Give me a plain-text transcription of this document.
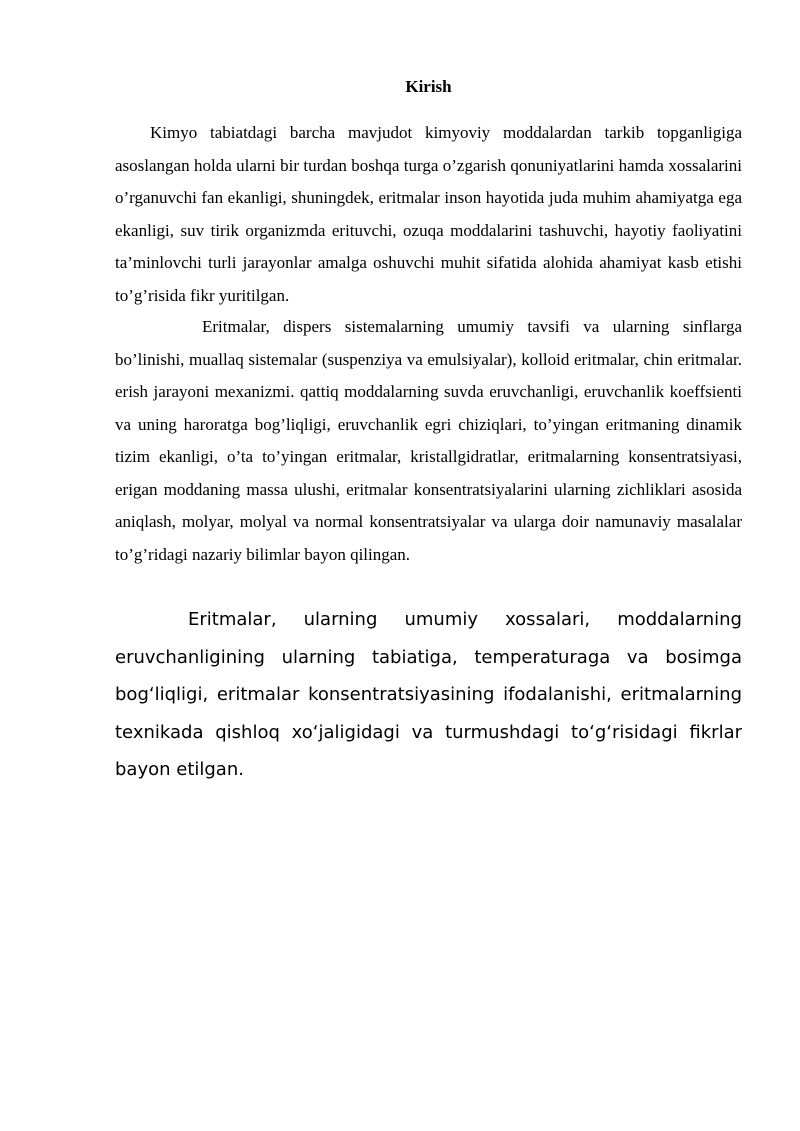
Kirish

Kimyo tabiatdagi barcha mavjudot kimyoviy moddalardan tarkib topganligiga asoslangan holda ularni bir turdan boshqa turga o’zgarish qonuniyatlarini hamda xossalarini o’rganuvchi fan ekanligi, shuningdek, eritmalar inson hayotida juda muhim ahamiyatga ega ekanligi, suv tirik organizmda erituvchi, ozuqa moddalarini tashuvchi, hayotiy faoliyatini ta’minlovchi turli jarayonlar amalga oshuvchi muhit sifatida alohida ahamiyat kasb etishi to’g’risida fikr yuritilgan.

Eritmalar, dispers sistemalarning umumiy tavsifi va ularning sinflarga bo’linishi, muallaq sistemalar (suspenziya va emulsiyalar), kolloid eritmalar, chin eritmalar. erish jarayoni mexanizmi. qattiq moddalarning suvda eruvchanligi, eruvchanlik koeffsienti va uning haroratga bog’liqligi, eruvchanlik egri chiziqlari, to’yingan eritmaning dinamik tizim ekanligi, o’ta to’yingan eritmalar, kristallgidratlar, eritmalarning konsentratsiyasi, erigan moddaning massa ulushi, eritmalar konsentratsiyalarini ularning zichliklari asosida aniqlash, molyar, molyal va normal konsentratsiyalar va ularga doir namunaviy masalalar to’g’ridagi nazariy bilimlar bayon qilingan.

Eritmalar, ularning umumiy xossalari, moddalarning eruvchanligining ularning tabiatiga, temperaturaga va bosimga bog‘liqligi, eritmalar konsentratsiyasining ifodalanishi, eritmalarning texnikada qishloq xo‘jaligidagi va turmushdagi to‘g‘risidagi fikrlar bayon etilgan.
